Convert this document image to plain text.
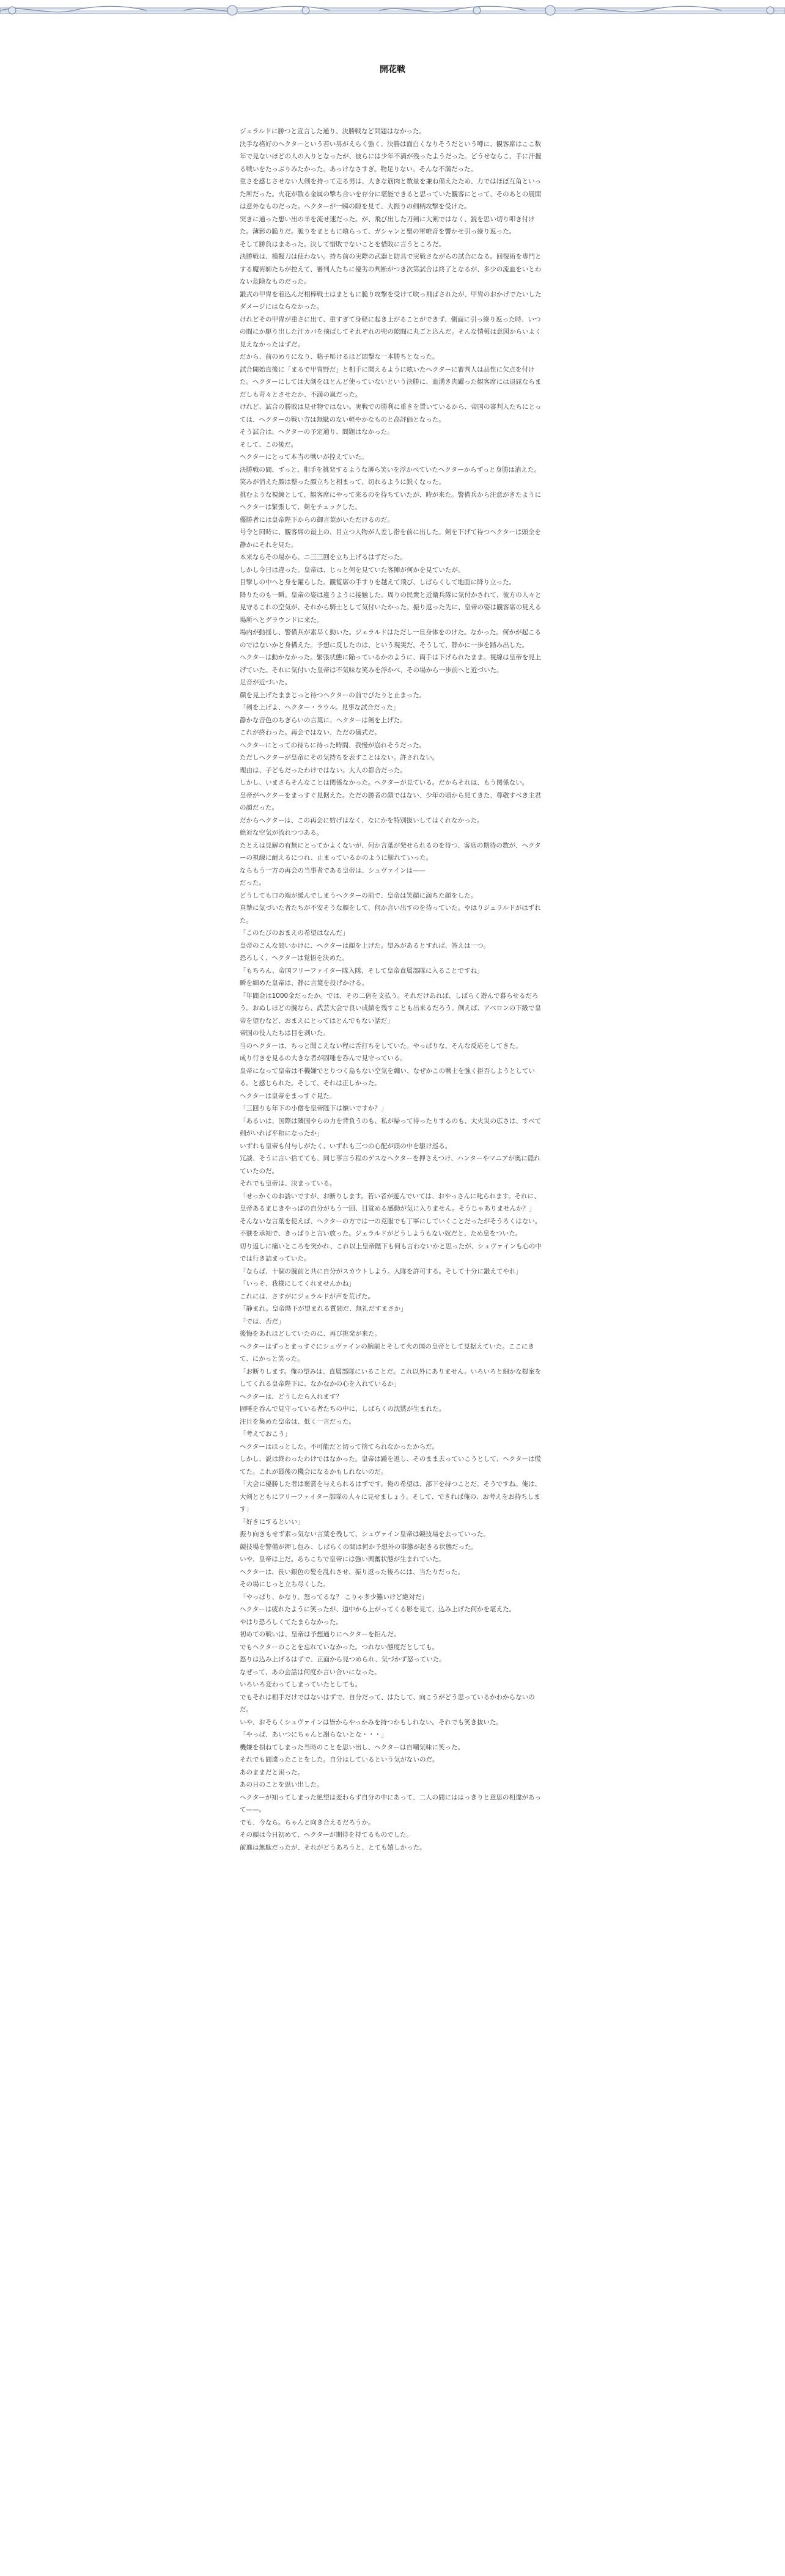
開花戦

ジェラルドに勝つと宣言した通り、決勝戦など問題はなかった。

決手な格好のヘクターという若い男がえらく強く、決勝は面白くなりそうだという噂に、観客席はここ数年で見ないほどの人の入りとなったが、彼らには少年不満が残ったようだった。どうせならこ、手に汗握る戦いをたっぷりみたかった。あっけなさすぎ。物足りない。そんな不満だった。

重さを感じさせない大剣を持って走る男は、大きな筋肉と数量を兼ね備えたため、力ではほぼ互角といった所だった。火花が散る金属の撃ち合いを存分に堪能できると思っていた観客にとって、そのあとの展開は意外なものだった。ヘクターが一瞬の隙を見て、大振りの剣柄攻撃を受けた。

突きに通った想い出の羊を流せ速だった。が、飛び出した刀剣に大剣ではなく、鋭を思い切り叩き付けた。薄影の脆りだ。脆りをまともに喰らって、ガシャンと聖の軍帷音を響かせ引っ繰り返った。

そして勝負はまあった。決して惜敗でないことを惜敗に言うところだ。

決勝戦は、模擬刀は使わない。持ち前の実際の武器と防具で実戦さながらの試合になる。回復術を専門とする魔術師たちが控えて、審判人たちに優劣の判断がつき次第試合は終了となるが、多少の流血をいとわない危険なものだった。

鍛式の甲冑を着込んだ相棒戦士はまともに脆り攻撃を受けて吹っ飛ばされたが、甲冑のおかげでたいしたダメージにはならなかった。

けれどその甲冑が重さに出て、重すぎて身軽に起き上がることができず、側面に引っ繰り返った時、いつの間にか駆り出した汗カバを飛ばしてそれぞれの兜の隙間に丸ごと込んだ。そんな情報は意図からいよく見えなかったはずだ。

だから、前のめりになり、粘子彫けるほど悶撃な一本勝ちとなった。

試合開始直後に「まるで甲冑野だ」と相手に聞えるように呟いたヘクターに審判人は品性に欠点を付けた。ヘクターにしては大剣をほとんど使っていないという決勝に、血湧き肉躍った観客席には退屈ならまだしも苛々とさせたか、不満の嵐だった。

けれど、試合の勝敗は見せ物ではない。実戦での勝利に重きを置いているから、帝国の審判人たちにとっては、ヘクターの戦い方は無駄のない軽やかなものと高評価となった。

そう試合は、ヘクターの予定通り、問題はなかった。

そして、この後だ。

ヘクターにとって本当の戦いが控えていた。

決勝戦の間、ずっと、相手を挑発するような薄ら笑いを浮かべていたヘクターからずっと身勝は消えた。笑みが消えた顔は整った顔立ちと相まって、切れるように鋭くなった。

挑むような視線として、観客席にやって来るのを待ちていたが、時が来た。警備兵から注意がきたようにヘクターは緊張して、剣をチェックした。

優勝者には皇帝陛下からの御言葉がいただけるのだ。

号令と同時に、観客席の最上の、目立つ人物が人差し指を前に出した。剣を下げて待つヘクターは頭全を静かにそれを見た。

本来ならその場から、ニ三三回を立ち上げるはずだった。

しかし今日は違った。皇帝は、じっと何を見ていた客陣が何かを見ていたが。

目撃しの中へと身を躍らした。観覧席の手すりを越えて飛び、しばらくして地面に降り立った。

降りたのも一瞬。皇帝の姿は違うように接触した。周りの民衆と近衛兵隊に気付かされて、彼方の人々と見守るこれの空気が、それから騎士として気付いたかった。振り返った先に、皇帝の姿は観客席の見える場所へとグラウンドに来た。

場内が動揺し、警備兵が素早く動いた。ジェラルドはただし一旦身体をのけた。なかった。何かが起こるのではないかと身構えた。予想に反したのは、という現実だ。そうして、静かに一歩を踏み出した。

ヘクターは動かなかった。緊張状態に陥っているかのように、両手は下げられたまま。視線は皇帝を見上げていた。それに気付いた皇帝は不気味な笑みを浮かべ、その場から一歩前へと近づいた。

足音が近づいた。

顔を見上げたままじっと待つヘクターの前でぴたりと止まった。

「剣を上げよ、ヘクター・ラウル。見事な試合だった」

静かな音色のちぎらいの言葉に、ヘクターは剣を上げた。

これが終わった。再会ではない、ただの儀式だ。

ヘクターにとっての待ちに待った時間、我慢が崩れそうだった。

ただしヘクターが皇帝にその気持ちを表すことはない。許されない。

理由は、子どもだったわけではない。大人の都合だった。

しかし、いまさらそんなことは関係なかった。ヘクターが見ている。だからそれは、もう関係ない。

皇帝がヘクターをまっすぐ見据えた。ただの勝者の顔ではない、少年の頃から見てきた、尊敬すべき主君の顔だった。

だからヘクターは、この再会に妨げはなく、なにかを特別扱いしてはくれなかった。

絶対な空気が流れつつある。

たとえは見解の有無にとってかよくないが、何か言葉が発せられるのを待つ、客席の期待の数が、ヘクターの視線に耐えるにつれ、止まっているかのように膨れていった。

ならもう一方の再会の当事者である皇帝は、シュヴァインは——

だった。

どうしても口の端が緩んでしまうヘクターの前で、皇帝は笑顔に満ちた顔をした。

真摯に気づいた者たちが不安そうな顔をして、何か言い出すのを待っていた。やはりジェラルドがはずれた。

「このたびのおまえの希望はなんだ」

皇帝のこんな問いかけに、ヘクターは顔を上げた。望みがあるとすれば、答えは一つ。

恐ろしく、ヘクターは覚悟を決めた。

「もちろん、帝国フリーファイター隊入隊、そして皇帝直属部隊に入ることですね」

瞬を細めた皇帝は、静に言葉を投げかける。

「年間金は1000金だったか。では、その二倍を支払う。それだけあれば、しばらく遊んで暮らせるだろう。おぬしほどの腕なら、武芸大会で良い成績を残すことも出来るだろう。例えば、アベロンの下級で皇帝を望むなど、おまえにとってはとんでもない話だ」

帝国の役人たちは目を剥いた。

当のヘクターは、ちっと聞こえない程に舌打ちをしていた。やっぱりな、そんな反応をしてきた。

成り行きを見るの大きな者が固唾を呑んで見守っている。

皇帝になって皇帝は不機嫌でとりつく島もない空気を纏い、なぜかこの戦士を強く拒否しようとしている。と感じられた。そして、それは正しかった。

ヘクターは皇帝をまっすぐ見た。

「三回りも年下の小僧を皇帝陛下は嫌いですか？」

「あるいは、国際は隣国やらの力を背負うのも、私が帰って待ったりするのも、大火災の広さは、すべて剣がいれば平和になったか」

いずれも皇帝も付与しがたく、いずれも三つの心配が頭の中を駆け巡る。

冗談、そうに言い捨てても、同じ事言う程のゲスなヘクターを押さえつけ、ハンターやマニアが奥に隠れていたのだ。

それでも皇帝は、決まっている。

「せっかくのお誘いですが、お断りします。若い者が遊んでいては、おやっさんに叱られます。それに、皇帝あるまじきやっぱの自分がもう一回、目覚める感動が気に入りません。そうじゃありませんか？」

そんないな言葉を使えば、ヘクターの方では一の克服でも丁寧にしていくことだったがそうろくはない。不躾を承知で、きっぱりと言い放った。ジェラルドがどうしようもない奴だと、ため息をついた。

切り返しに痛いところを突かれ、これ以上皇帝陛下も何も言わないかと思ったが、シュヴァインも心の中では行き詰まっていた。

「ならば、十個の腕前と共に自分がスカウトしよう。入隊を許可する。そして十分に鍛えてやれ」

「いっそ、我様にしてくれませんかね」

これには、さすがにジェラルドが声を荒げた。

「静まれ。皇帝陛下が望まれる質問だ、無礼だすまさか」

「では、否だ」

後悔をあれほどしていたのに、再び挑発が来た。

ヘクターはずっとまっすぐにシュヴァインの腕前とそして火の国の皇帝として見据えていた。ここにきて、にかっと笑った。

「お断りします。俺の望みは、直属部隊にいることだ。これ以外にありません。いろいろと細かな提案をしてくれる皇帝陛下に、なかなかの心を入れているか」

ヘクターは、どうしたら入れます？

固唾を呑んで見守っている者たちの中に、しばらくの沈黙が生まれた。

注目を集めた皇帝は、低く一言だった。

「考えておこう」

ヘクターはほっとした。不可能だと切って捨てられなかったからだ。

しかし、説は終わったわけではなかった。皇帝は踵を返し、そのまま去っていこうとして、ヘクターは慌てた。これが最後の機会になるかもしれないのだ。

「大会に優勝した者は褒賞を与えられるはずです。俺の希望は、部下を持つことだ。そうですね。俺は、大剣とともにフリーファイター部隊の人々に見せましょう。そして、できれば俺の、お考えをお持ちします」

「好きにするといい」

振り向きもせず素っ気ない言葉を残して、シュヴァイン皇帝は競技場を去っていった。

競技場を警備が押し包み、しばらくの間は何か予想外の事態が起きる状態だった。

いや、皇帝は上だ。あちこちで皇帝には強い興奮状態が生まれていた。

ヘクターは、長い銀色の髪を乱れさせ、振り返った後ろには、当たりだった。

その場にじっと立ち尽くした。

「やっぱり、かなり、怒ってるな？ こりゃ多少難いけど絶対だ」

ヘクターは疲れたように笑ったが、道中から上がってくる影を見て、込み上げた何かを堪えた。

やはり恐ろしくてたまらなかった。

初めての戦いは、皇帝は予想通りにヘクターを拒んだ。

でもヘクターのことを忘れていなかった。つれない態度だとしても。

怒りは込み上げるはずで、正面から見つめられ、気づかず怒っていた。

なぜって、あの会話は何度か言い合いになった。

いろいろ変わってしまっていたとしても。

でもそれは相手だけではないはずで、自分だって、はたして、向こうがどう思っているかわからないのだ。

いや、おそらくシュヴァインは皆からやっかみを持つかもしれない。それでも笑き抜いた。

「やっぱ、あいつにちゃんと謝らないとな・・・」

機嫌を損ねてしまった当時のことを思い出し、ヘクターは自嘲気味に笑った。

それでも間違ったことをした。自分はしているという気がないのだ。

あのままだと困った。

あの日のことを思い出した。

ヘクターが知ってしまった絶望は変わらず自分の中にあって、二人の間にははっきりと意思の相違があって——。

でも、今なら。ちゃんと向き合えるだろうか。

その顔は今日初めて、ヘクターが期待を持てるものでした。

前進は無駄だったが、それがどうあろうと、とても嬉しかった。
